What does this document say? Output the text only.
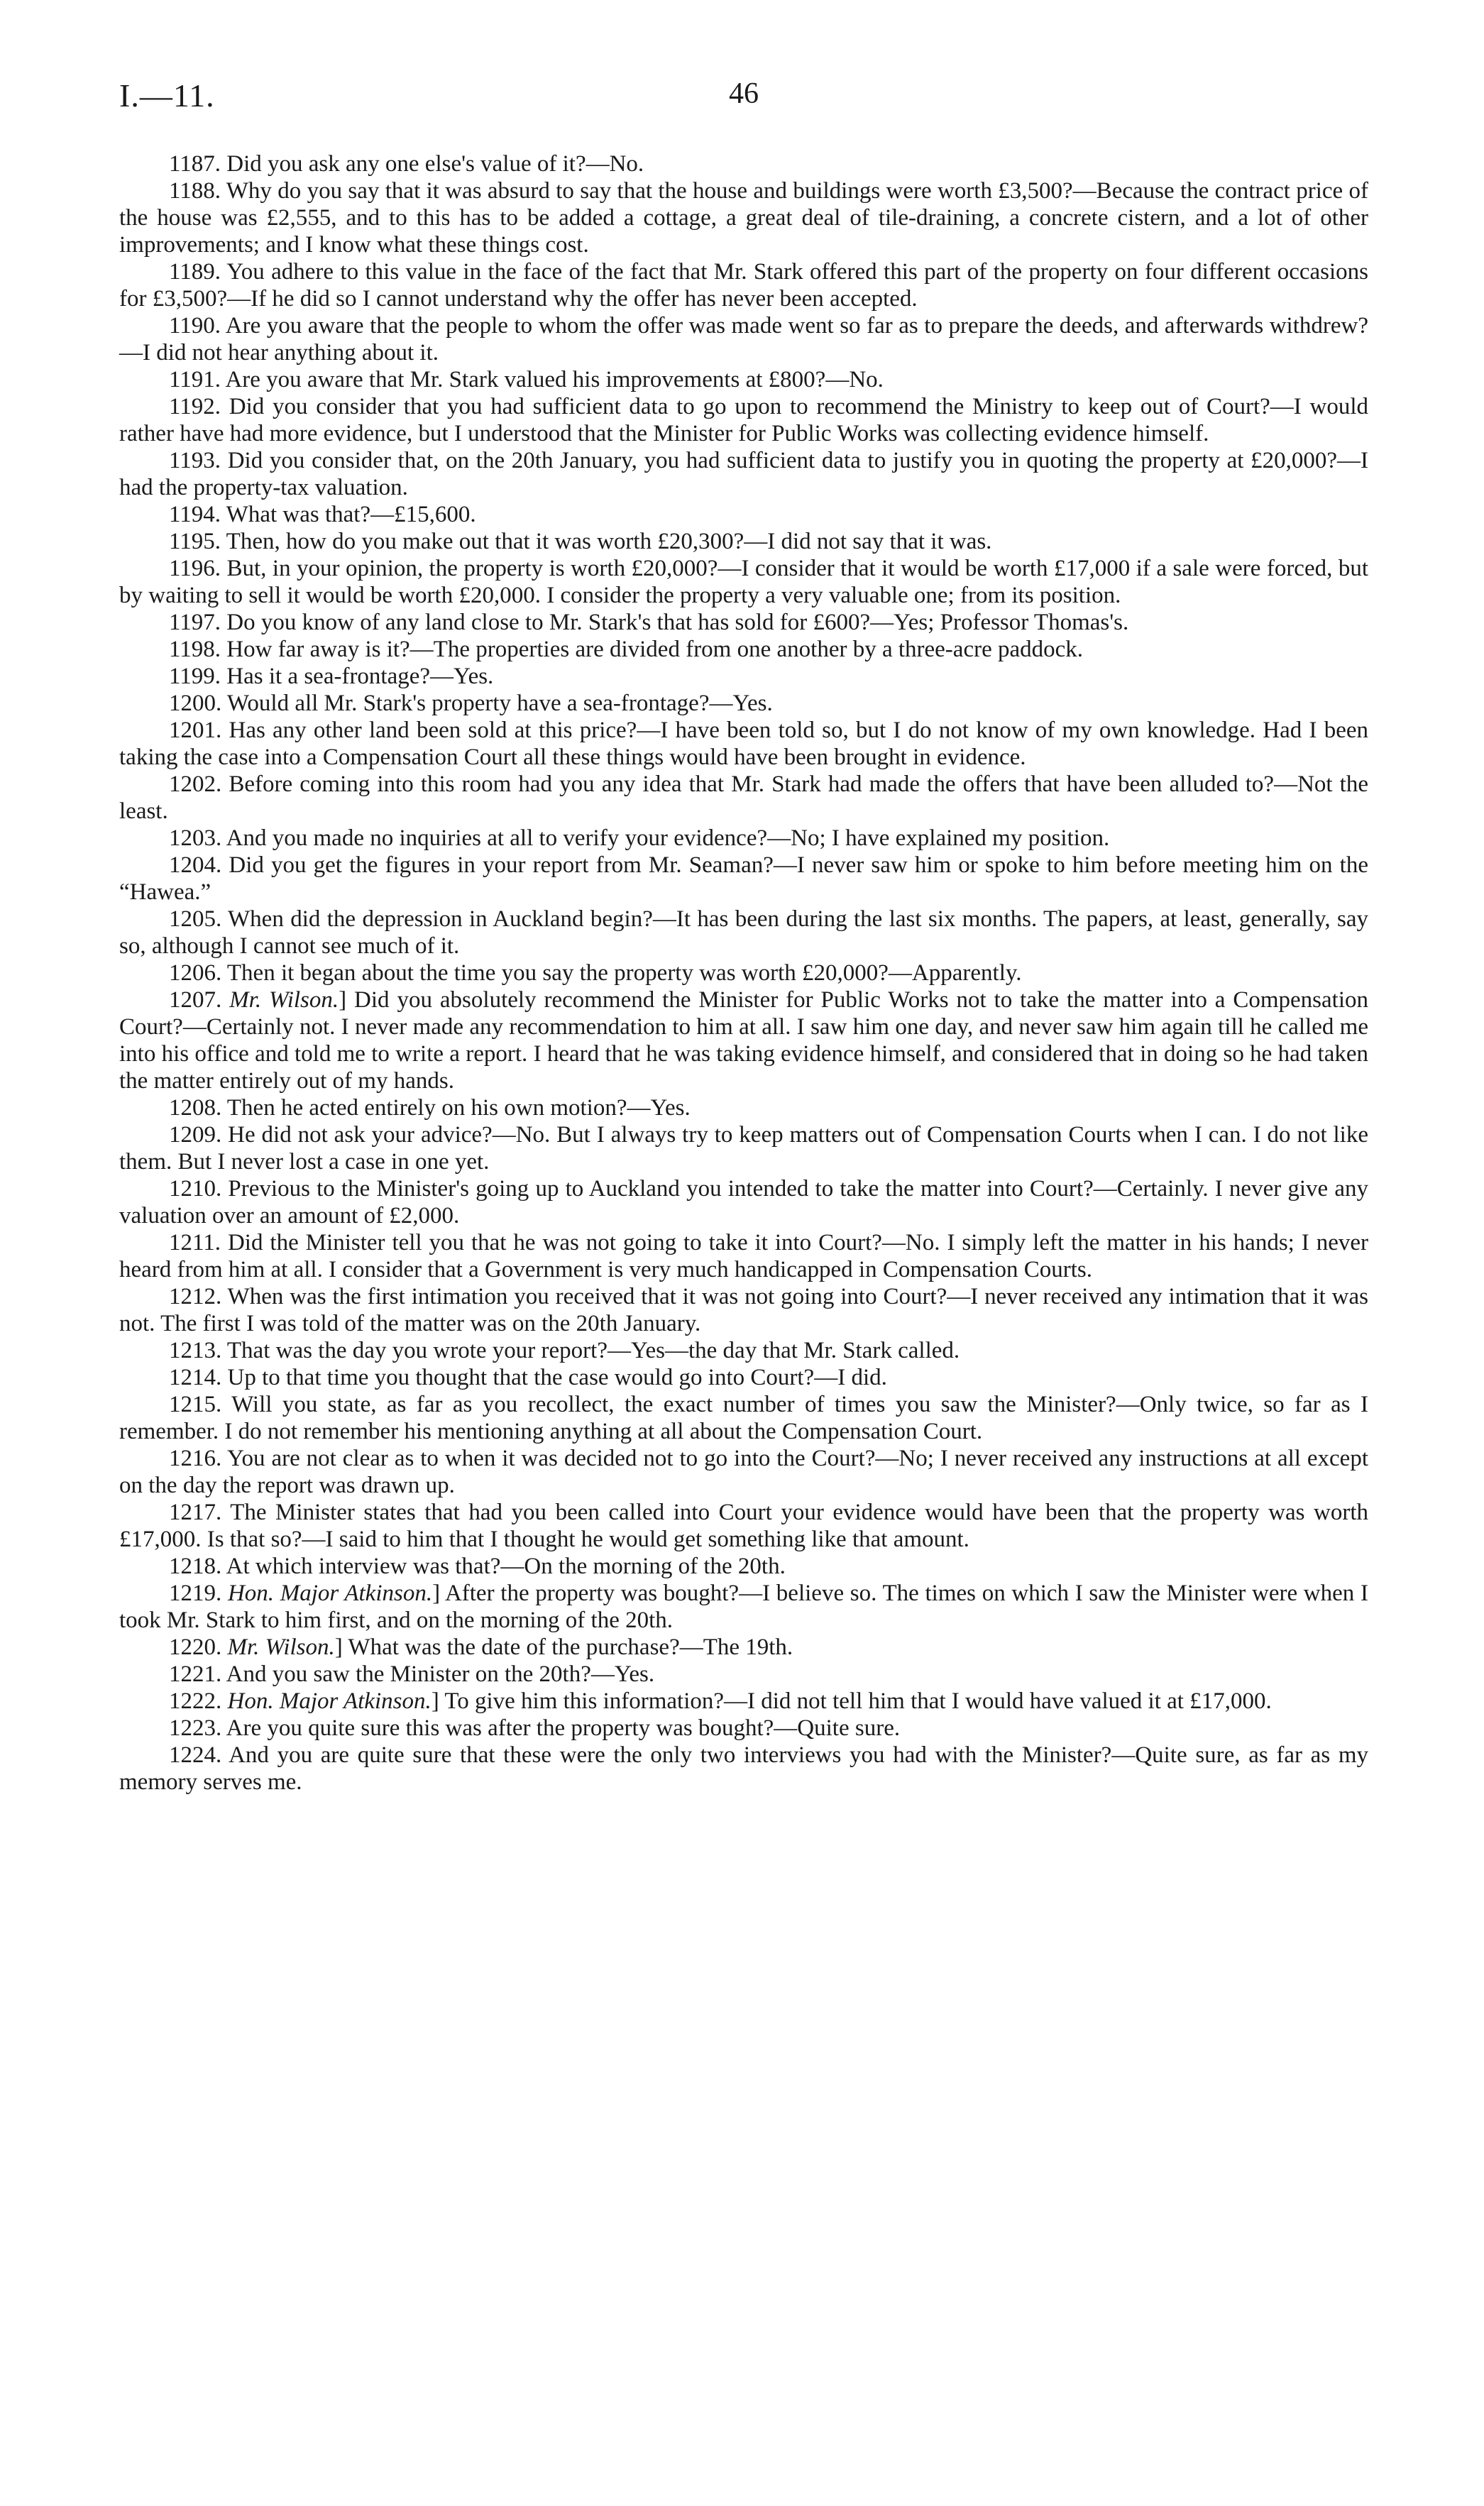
I.—11.	46

1187. Did you ask any one else's value of it?—No.

1188. Why do you say that it was absurd to say that the house and buildings were worth £3,500?—Because the contract price of the house was £2,555, and to this has to be added a cottage, a great deal of tile-draining, a concrete cistern, and a lot of other improvements; and I know what these things cost.

1189. You adhere to this value in the face of the fact that Mr. Stark offered this part of the property on four different occasions for £3,500?—If he did so I cannot understand why the offer has never been accepted.

1190. Are you aware that the people to whom the offer was made went so far as to prepare the deeds, and afterwards withdrew?—I did not hear anything about it.

1191. Are you aware that Mr. Stark valued his improvements at £800?—No.

1192. Did you consider that you had sufficient data to go upon to recommend the Ministry to keep out of Court?—I would rather have had more evidence, but I understood that the Minister for Public Works was collecting evidence himself.

1193. Did you consider that, on the 20th January, you had sufficient data to justify you in quoting the property at £20,000?—I had the property-tax valuation.

1194. What was that?—£15,600.

1195. Then, how do you make out that it was worth £20,300?—I did not say that it was.

1196. But, in your opinion, the property is worth £20,000?—I consider that it would be worth £17,000 if a sale were forced, but by waiting to sell it would be worth £20,000. I consider the property a very valuable one; from its position.

1197. Do you know of any land close to Mr. Stark's that has sold for £600?—Yes; Professor Thomas's.

1198. How far away is it?—The properties are divided from one another by a three-acre paddock.

1199. Has it a sea-frontage?—Yes.

1200. Would all Mr. Stark's property have a sea-frontage?—Yes.

1201. Has any other land been sold at this price?—I have been told so, but I do not know of my own knowledge. Had I been taking the case into a Compensation Court all these things would have been brought in evidence.

1202. Before coming into this room had you any idea that Mr. Stark had made the offers that have been alluded to?—Not the least.

1203. And you made no inquiries at all to verify your evidence?—No; I have explained my position.

1204. Did you get the figures in your report from Mr. Seaman?—I never saw him or spoke to him before meeting him on the “Hawea.”

1205. When did the depression in Auckland begin?—It has been during the last six months. The papers, at least, generally, say so, although I cannot see much of it.

1206. Then it began about the time you say the property was worth £20,000?—Apparently.

1207. Mr. Wilson.] Did you absolutely recommend the Minister for Public Works not to take the matter into a Compensation Court?—Certainly not. I never made any recommendation to him at all. I saw him one day, and never saw him again till he called me into his office and told me to write a report. I heard that he was taking evidence himself, and considered that in doing so he had taken the matter entirely out of my hands.

1208. Then he acted entirely on his own motion?—Yes.

1209. He did not ask your advice?—No. But I always try to keep matters out of Compensation Courts when I can. I do not like them. But I never lost a case in one yet.

1210. Previous to the Minister's going up to Auckland you intended to take the matter into Court?—Certainly. I never give any valuation over an amount of £2,000.

1211. Did the Minister tell you that he was not going to take it into Court?—No. I simply left the matter in his hands; I never heard from him at all. I consider that a Government is very much handicapped in Compensation Courts.

1212. When was the first intimation you received that it was not going into Court?—I never received any intimation that it was not. The first I was told of the matter was on the 20th January.

1213. That was the day you wrote your report?—Yes—the day that Mr. Stark called.

1214. Up to that time you thought that the case would go into Court?—I did.

1215. Will you state, as far as you recollect, the exact number of times you saw the Minister?—Only twice, so far as I remember. I do not remember his mentioning anything at all about the Compensation Court.

1216. You are not clear as to when it was decided not to go into the Court?—No; I never received any instructions at all except on the day the report was drawn up.

1217. The Minister states that had you been called into Court your evidence would have been that the property was worth £17,000. Is that so?—I said to him that I thought he would get something like that amount.

1218. At which interview was that?—On the morning of the 20th.

1219. Hon. Major Atkinson.] After the property was bought?—I believe so. The times on which I saw the Minister were when I took Mr. Stark to him first, and on the morning of the 20th.

1220. Mr. Wilson.] What was the date of the purchase?—The 19th.

1221. And you saw the Minister on the 20th?—Yes.

1222. Hon. Major Atkinson.] To give him this information?—I did not tell him that I would have valued it at £17,000.

1223. Are you quite sure this was after the property was bought?—Quite sure.

1224. And you are quite sure that these were the only two interviews you had with the Minister?—Quite sure, as far as my memory serves me.
